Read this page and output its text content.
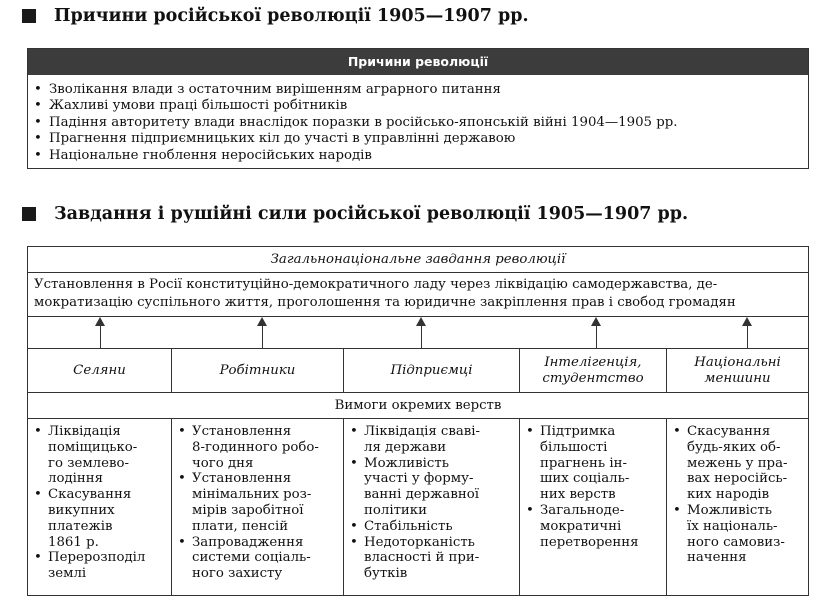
Причини російської революції 1905—1907 рр.
Причини революції
• Зволікання влади з остаточним вирішенням аграрного питання
• Жахливі умови праці більшості робітників
• Падіння авторитету влади внаслідок поразки в російсько-японській війні 1904—1905 рр.
• Прагнення підприємницьких кіл до участі в управлінні державою
• Національне гноблення неросійських народів
Завдання і рушійні сили російської революції 1905—1907 рр.
Загальнонаціональне завдання революції
Установлення в Росії конституційно-демократичного ладу через ліквідацію самодержавства, де-
мократизацію суспільного життя, проголошення та юридичне закріплення прав і свобод громадян
Селяни	Робітники	Підприємці
Інтелігенція,
студентство
Національні
меншини
Вимоги окремих верств
• Ліквідація
поміщицько-
го землево-
лодіння
• Скасування
викупних
платежів
1861 р.
• Перерозподіл
землі
• Установлення
8-годинного робо-
чого дня
• Установлення
мінімальних роз-
мірів заробітної
плати, пенсій
• Запровадження
системи соціаль-
ного захисту
• Ліквідація сваві-
ля держави
• Можливість
участі у форму-
ванні державної
політики
• Стабільність
• Недоторканість
власності й при-
бутків
• Підтримка
більшості
прагнень ін-
ших соціаль-
них верств
• Загальноде-
мократичні
перетворення
• Скасування
будь-яких об-
межень у пра-
вах неросійсь-
ких народів
• Можливість
їх національ-
ного самовиз-
начення
